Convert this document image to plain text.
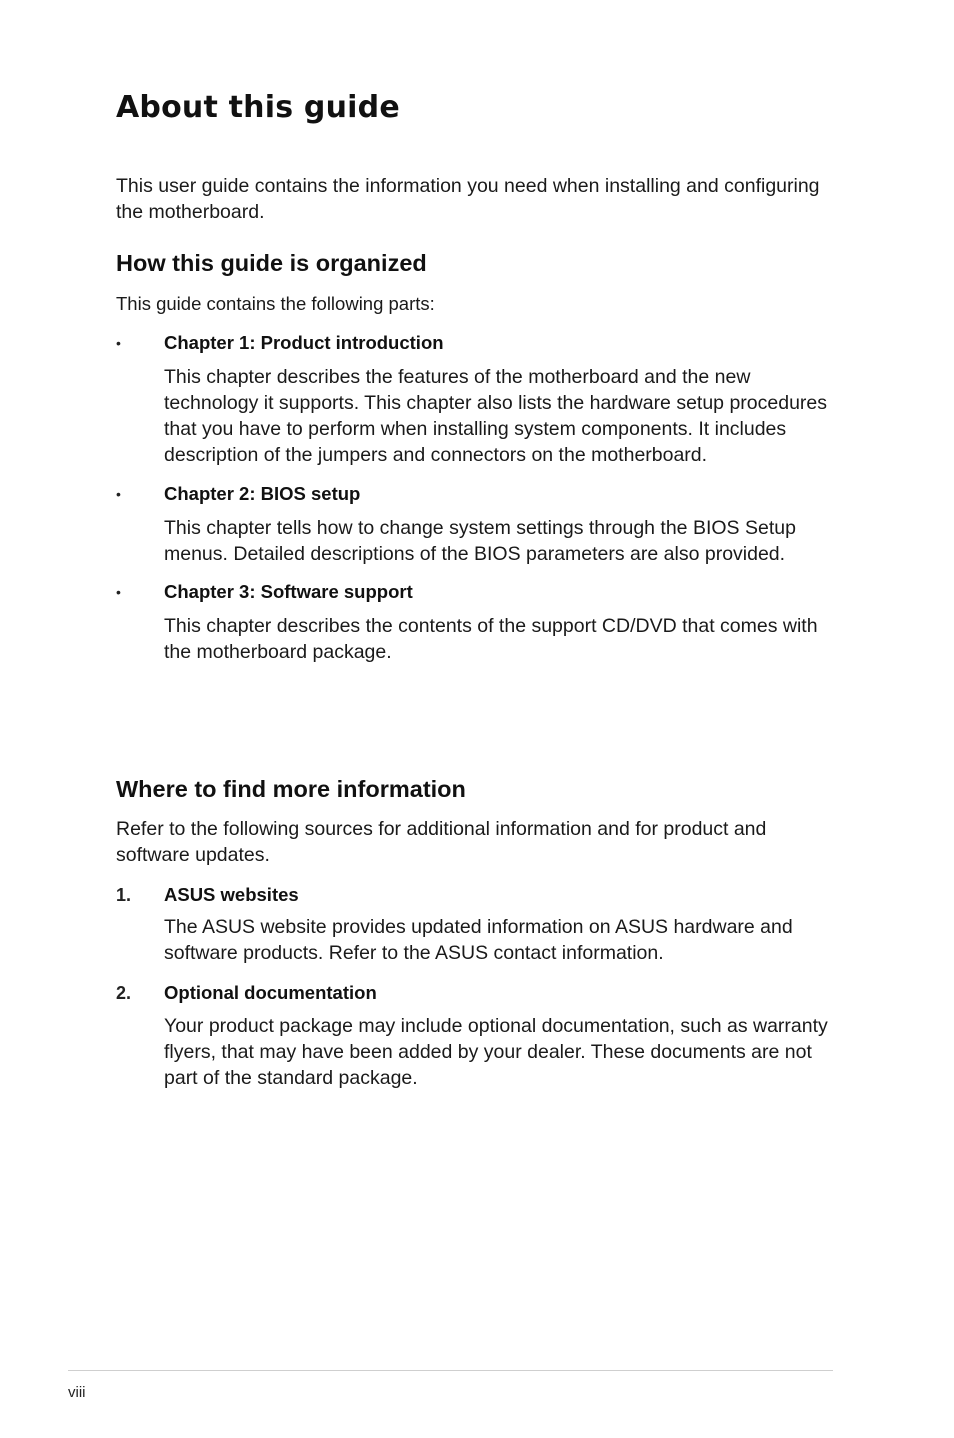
About this guide

This user guide contains the information you need when installing and configuring the motherboard.

How this guide is organized

This guide contains the following parts:

• Chapter 1: Product introduction

This chapter describes the features of the motherboard and the new technology it supports. This chapter also lists the hardware setup procedures that you have to perform when installing system components. It includes description of the jumpers and connectors on the motherboard.

• Chapter 2: BIOS setup

This chapter tells how to change system settings through the BIOS Setup menus. Detailed descriptions of the BIOS parameters are also provided.

• Chapter 3: Software support

This chapter describes the contents of the support CD/DVD that comes with the motherboard package.

Where to find more information

Refer to the following sources for additional information and for product and software updates.

1. ASUS websites

The ASUS website provides updated information on ASUS hardware and software products. Refer to the ASUS contact information.

2. Optional documentation

Your product package may include optional documentation, such as warranty flyers, that may have been added by your dealer. These documents are not part of the standard package.

viii
